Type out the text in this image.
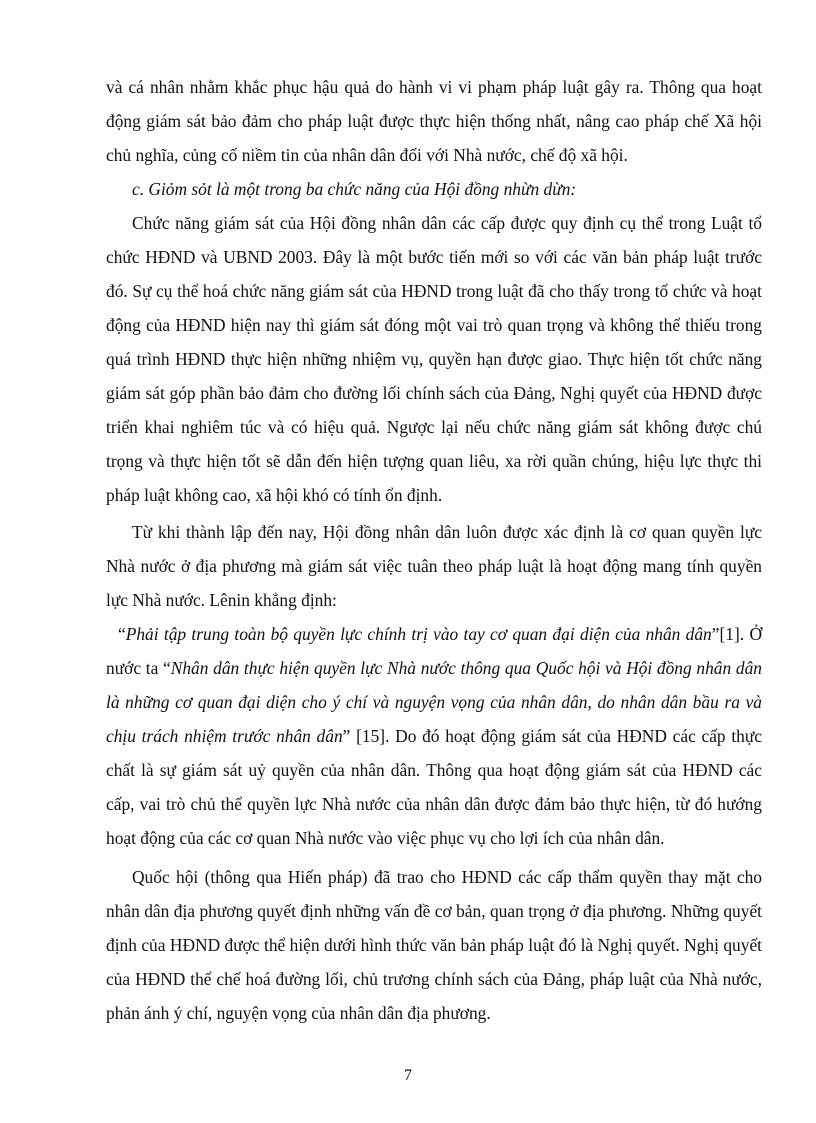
và cá nhân nhằm khắc phục hậu quả do hành vi vi phạm pháp luật gây ra. Thông qua hoạt động giám sát bảo đảm cho pháp luật được thực hiện thống nhất, nâng cao pháp chế Xã hội chủ nghĩa, củng cố niềm tin của nhân dân đối với Nhà nước, chế độ xã hội.

c. Giỏm sỏt là một trong ba chức năng của Hội đồng nhừn dừn:

Chức năng giám sát của Hội đồng nhân dân các cấp được quy định cụ thể trong Luật tổ chức HĐND và UBND 2003. Đây là một bước tiến mới so với các văn bản pháp luật trước đó. Sự cụ thể hoá chức năng giám sát của HĐND trong luật đã cho thấy trong tổ chức và hoạt động của HĐND hiện nay thì giám sát đóng một vai trò quan trọng và không thể thiếu trong quá trình HĐND thực hiện những nhiệm vụ, quyền hạn được giao. Thực hiện tốt chức năng giám sát góp phần bảo đảm cho đường lối chính sách của Đảng, Nghị quyết của HĐND được triển khai nghiêm túc và có hiệu quả. Ngược lại nếu chức năng giám sát không được chú trọng và thực hiện tốt sẽ dẫn đến hiện tượng quan liêu, xa rời quần chúng, hiệu lực thực thi pháp luật không cao, xã hội khó có tính ổn định.

Từ khi thành lập đến nay, Hội đồng nhân dân luôn được xác định là cơ quan quyền lực Nhà nước ở địa phương mà giám sát việc tuân theo pháp luật là hoạt động mang tính quyền lực Nhà nước. Lênin khẳng định:

“Phải tập trung toàn bộ quyền lực chính trị vào tay cơ quan đại diện của nhân dân”[1]. Ở nước ta “Nhân dân thực hiện quyền lực Nhà nước thông qua Quốc hội và Hội đồng nhân dân là những cơ quan đại diện cho ý chí và nguyện vọng của nhân dân, do nhân dân bầu ra và chịu trách nhiệm trước nhân dân” [15]. Do đó hoạt động giám sát của HĐND các cấp thực chất là sự giám sát uỷ quyền của nhân dân. Thông qua hoạt động giám sát của HĐND các cấp, vai trò chủ thể quyền lực Nhà nước của nhân dân được đảm bảo thực hiện, từ đó hướng hoạt động của các cơ quan Nhà nước vào việc phục vụ cho lợi ích của nhân dân.

Quốc hội (thông qua Hiến pháp) đã trao cho HĐND các cấp thẩm quyền thay mặt cho nhân dân địa phương quyết định những vấn đề cơ bản, quan trọng ở địa phương. Những quyết định của HĐND được thể hiện dưới hình thức văn bản pháp luật đó là Nghị quyết. Nghị quyết của HĐND thể chế hoá đường lối, chủ trương chính sách của Đảng, pháp luật của Nhà nước, phản ánh ý chí, nguyện vọng của nhân dân địa phương.

7
